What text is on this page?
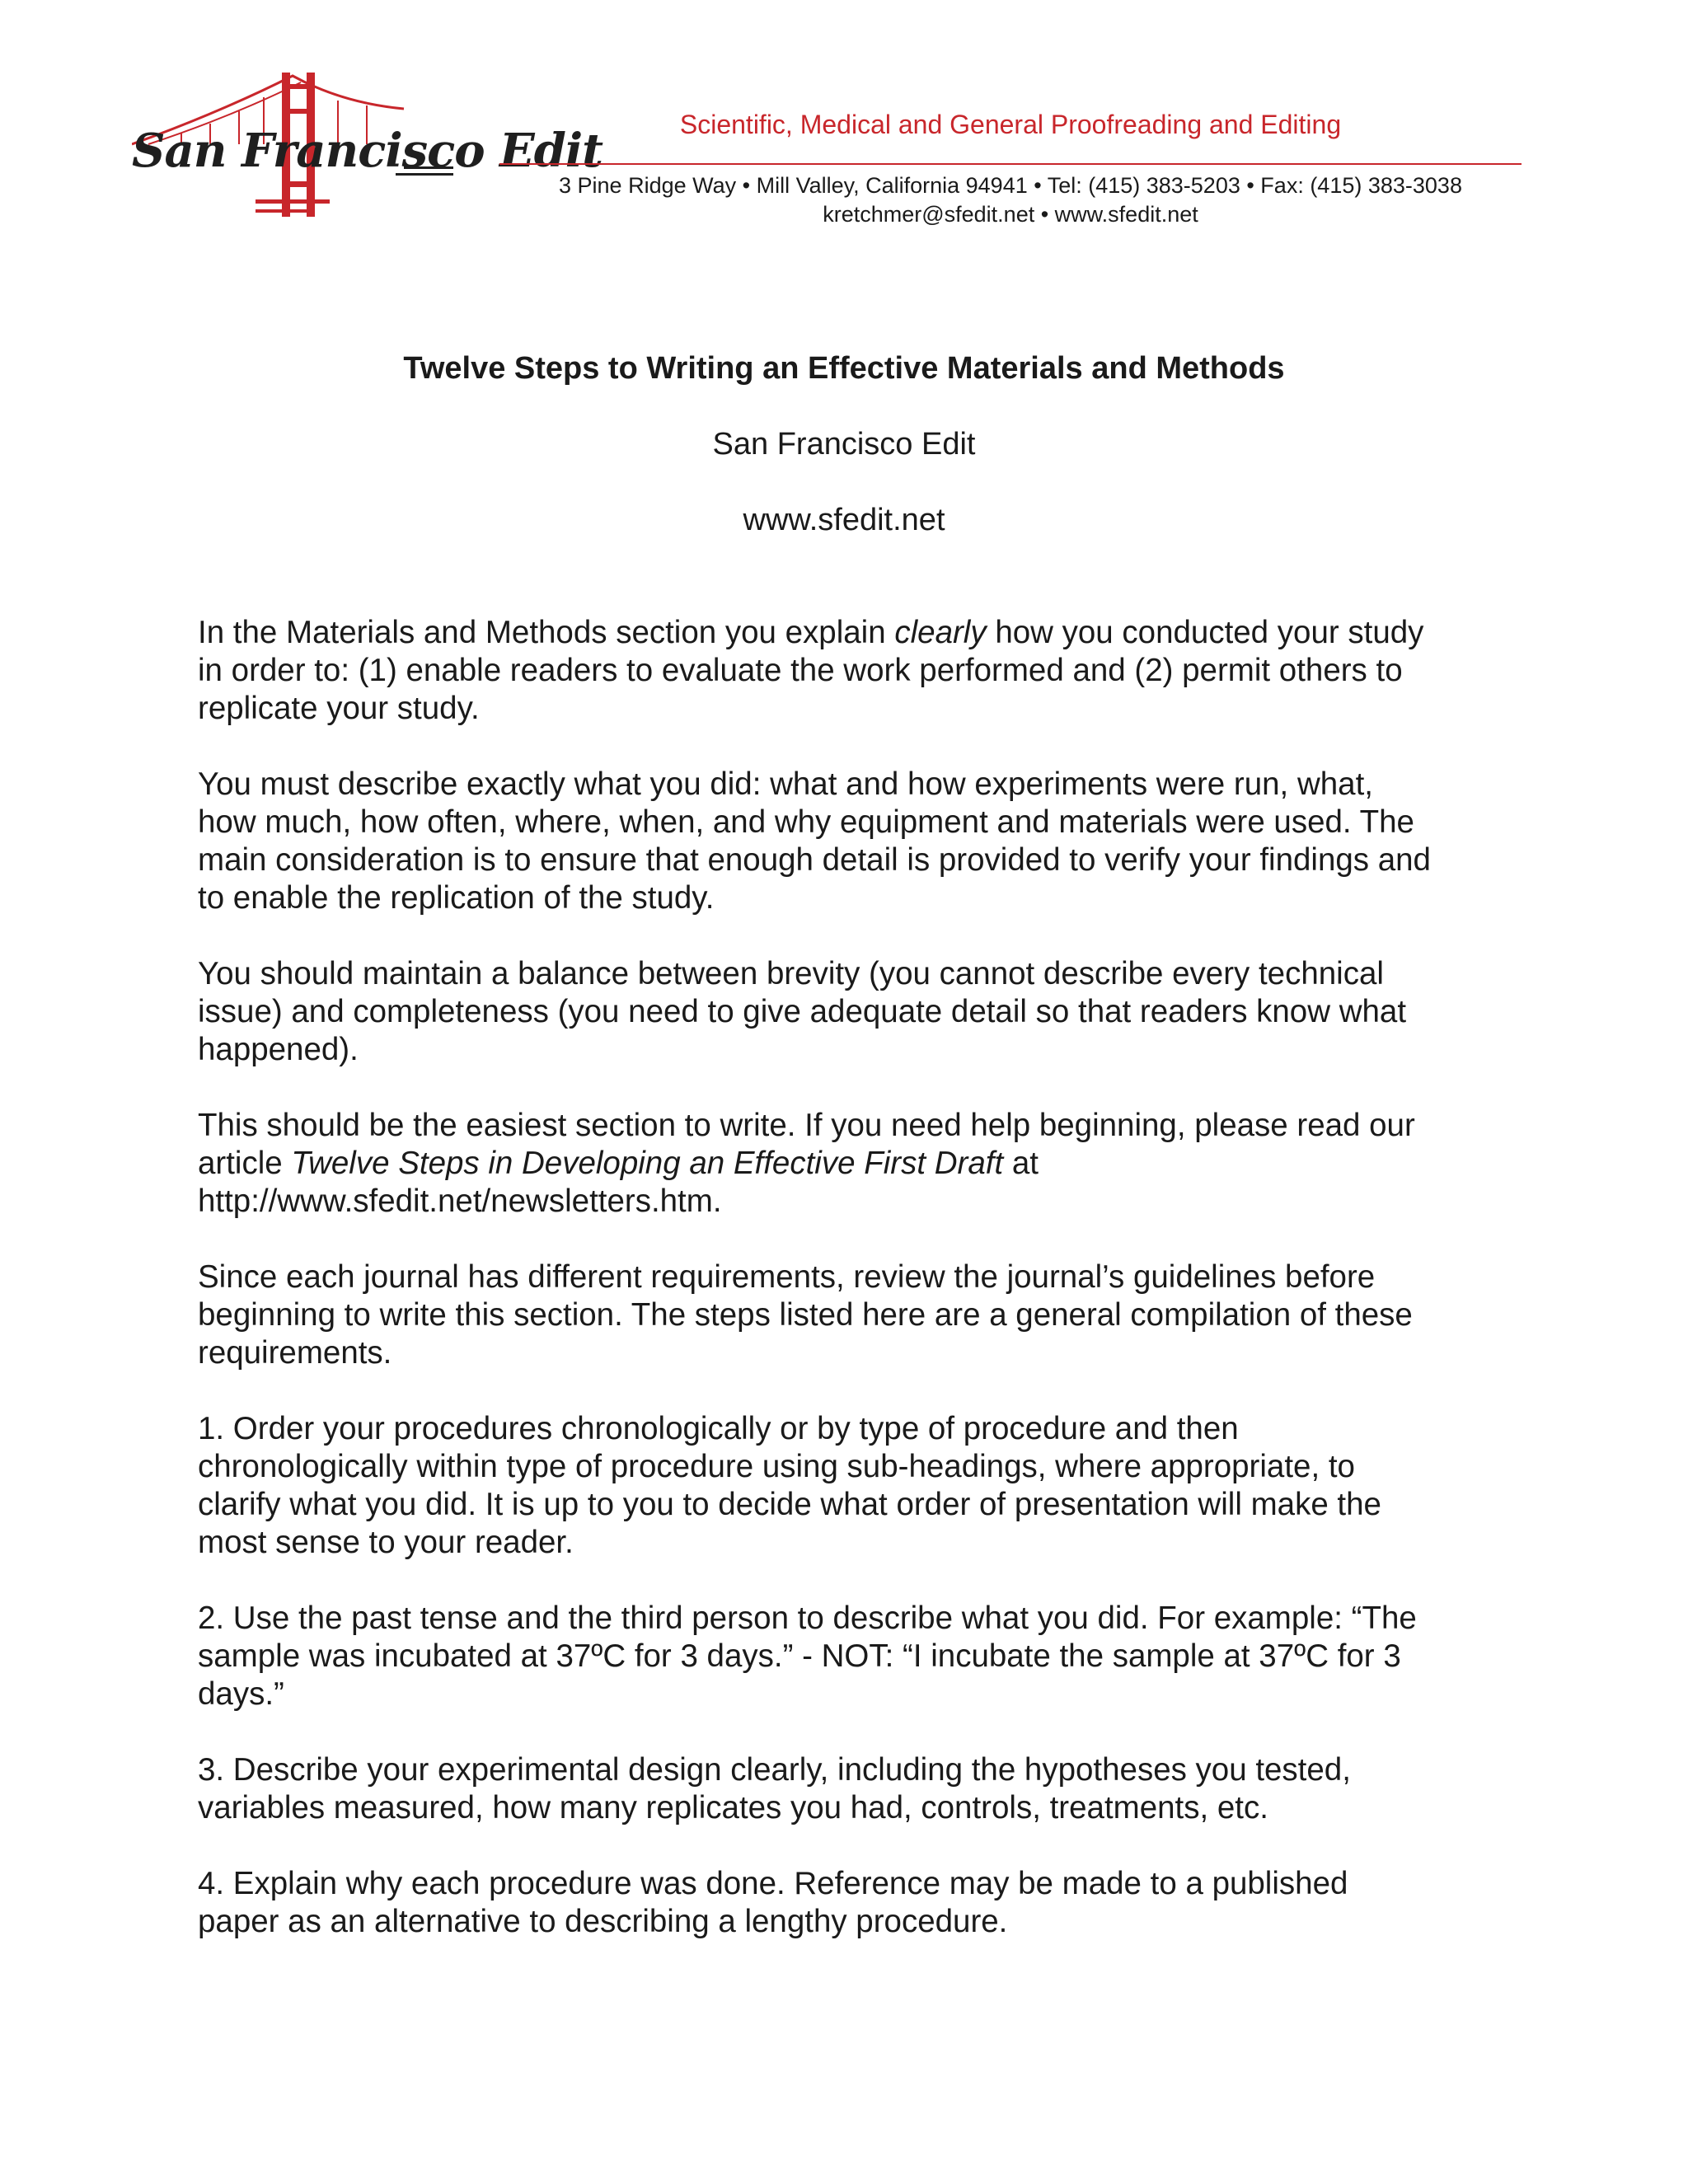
San Francisco Edit	Scientific, Medical and General Proofreading and Editing
3 Pine Ridge Way • Mill Valley, California 94941 • Tel: (415) 383-5203 • Fax: (415) 383-3038
kretchmer@sfedit.net • www.sfedit.net
Twelve Steps to Writing an Effective Materials and Methods
San Francisco Edit
www.sfedit.net

In the Materials and Methods section you explain clearly how you conducted your study
in order to: (1) enable readers to evaluate the work performed and (2) permit others to
replicate your study.

You must describe exactly what you did: what and how experiments were run, what,
how much, how often, where, when, and why equipment and materials were used. The
main consideration is to ensure that enough detail is provided to verify your findings and
to enable the replication of the study.

You should maintain a balance between brevity (you cannot describe every technical
issue) and completeness (you need to give adequate detail so that readers know what
happened).

This should be the easiest section to write. If you need help beginning, please read our
article Twelve Steps in Developing an Effective First Draft at
http://www.sfedit.net/newsletters.htm.

Since each journal has different requirements, review the journal’s guidelines before
beginning to write this section. The steps listed here are a general compilation of these
requirements.

1. Order your procedures chronologically or by type of procedure and then
chronologically within type of procedure using sub-headings, where appropriate, to
clarify what you did. It is up to you to decide what order of presentation will make the
most sense to your reader.

2. Use the past tense and the third person to describe what you did. For example: “The
sample was incubated at 37ºC for 3 days.” - NOT: “I incubate the sample at 37ºC for 3
days.”

3. Describe your experimental design clearly, including the hypotheses you tested,
variables measured, how many replicates you had, controls, treatments, etc.

4. Explain why each procedure was done. Reference may be made to a published
paper as an alternative to describing a lengthy procedure.
